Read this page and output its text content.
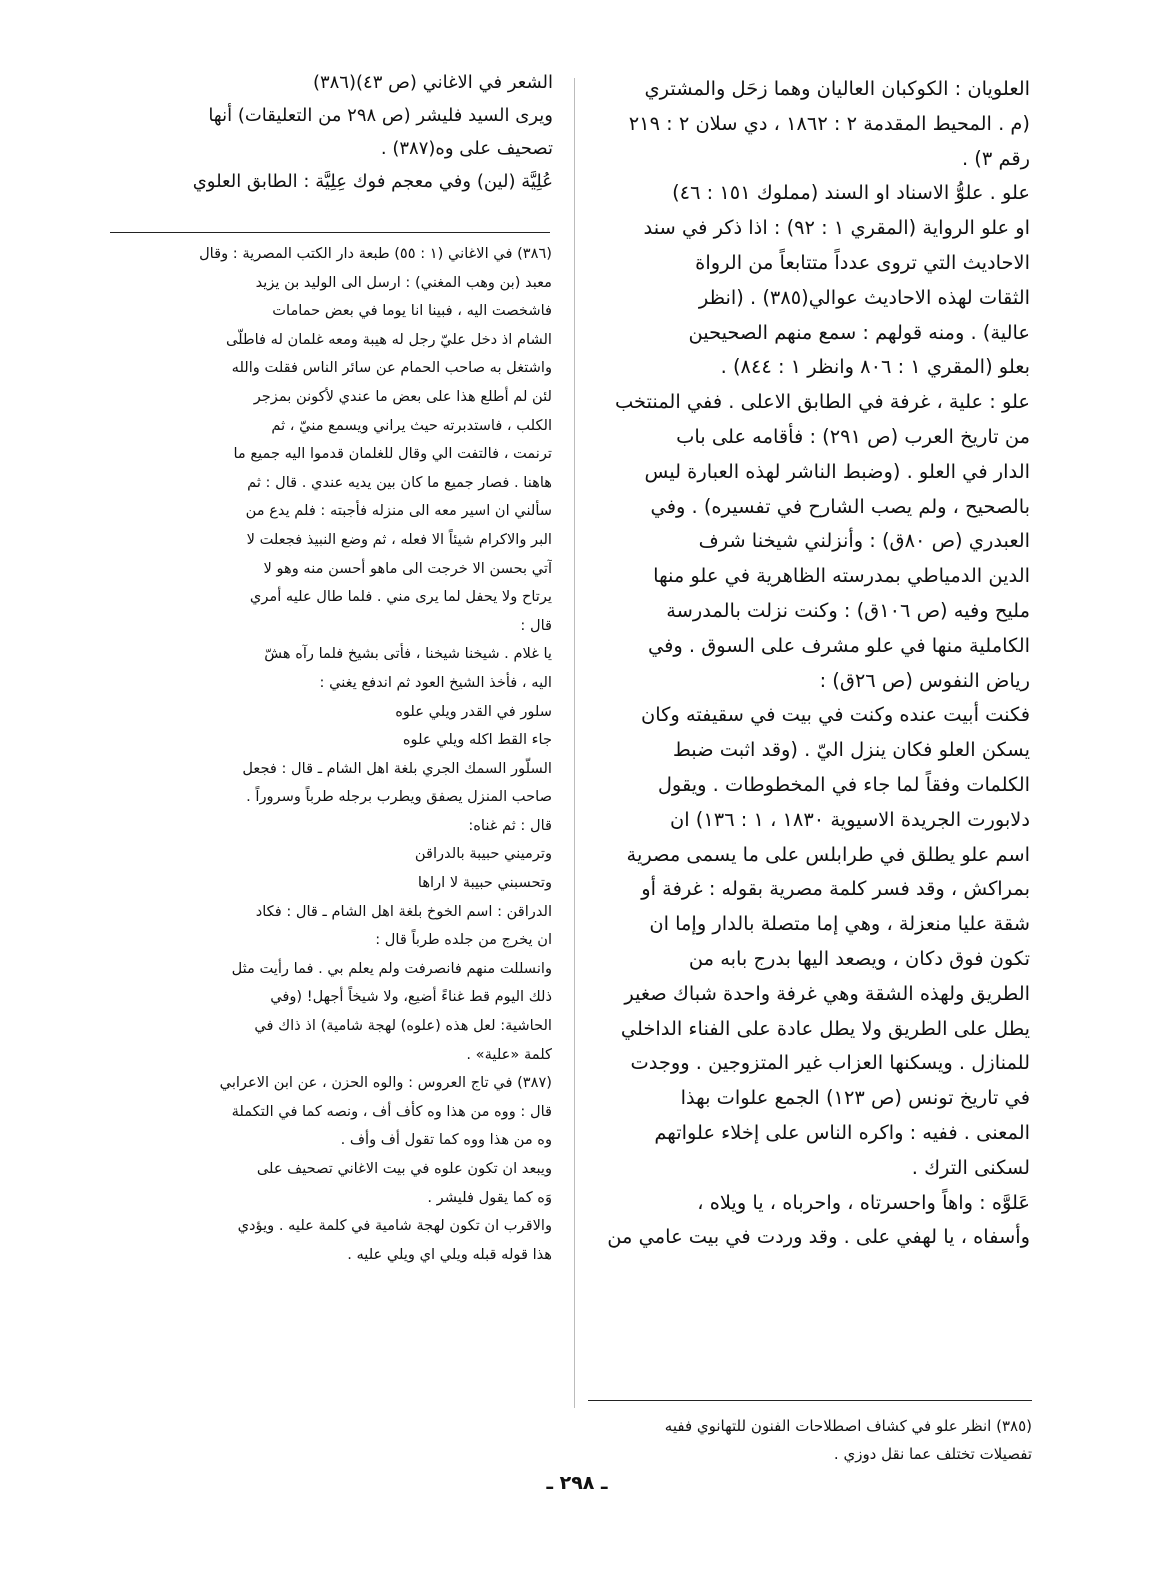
العلويان : الكوكبان العاليان وهما زحَل والمشتري
(م . المحيط المقدمة ٢ : ١٨٦٢ ، دي سلان ٢ : ٢١٩
رقم ٣) .
علو . علوُّ الاسناد او السند (مملوك ١٥١ : ٤٦)
او علو الرواية (المقري ١ : ٩٢) : اذا ذكر في سند
الاحاديث التي تروى عدداً متتابعاً من الرواة
الثقات لهذه الاحاديث عوالي(٣٨٥) . (انظر
عالية) . ومنه قولهم : سمع منهم الصحيحين
بعلو (المقري ١ : ٨٠٦ وانظر ١ : ٨٤٤) .
علو : علية ، غرفة في الطابق الاعلى . ففي المنتخب
من تاريخ العرب (ص ٢٩١) : فأقامه على باب
الدار في العلو . (وضبط الناشر لهذه العبارة ليس
بالصحيح ، ولم يصب الشارح في تفسيره) . وفي
العبدري (ص ٨٠ق) : وأنزلني شيخنا شرف
الدين الدمياطي بمدرسته الظاهرية في علو منها
مليح وفيه (ص ١٠٦ق) : وكنت نزلت بالمدرسة
الكاملية منها في علو مشرف على السوق . وفي
رياض النفوس (ص ٢٦ق) :
فكنت أبيت عنده وكنت في بيت في سقيفته وكان
يسكن العلو فكان ينزل اليّ . (وقد اثبت ضبط
الكلمات وفقاً لما جاء في المخطوطات . ويقول
دلابورت الجريدة الاسيوية ١٨٣٠ ، ١ : ١٣٦) ان
اسم علو يطلق في طرابلس على ما يسمى مصرية
بمراكش ، وقد فسر كلمة مصرية بقوله : غرفة أو
شقة عليا منعزلة ، وهي إما متصلة بالدار وإما ان
تكون فوق دكان ، ويصعد اليها بدرج بابه من
الطريق ولهذه الشقة وهي غرفة واحدة شباك صغير
يطل على الطريق ولا يطل عادة على الفناء الداخلي
للمنازل . ويسكنها العزاب غير المتزوجين . ووجدت
في تاريخ تونس (ص ١٢٣) الجمع علوات بهذا
المعنى . ففيه : واكره الناس على إخلاء علواتهم
لسكنى الترك .
عَلوَّه : واهاً واحسرتاه ، واحرباه ، يا ويلاه ،
وأسفاه ، يا لهفي على . وقد وردت في بيت عامي من
الشعر في الاغاني (ص ٤٣)(٣٨٦)
ويرى السيد فليشر (ص ٢٩٨ من التعليقات) أنها
تصحيف على وه(٣٨٧) .
عُلِيَّة (لين) وفي معجم فوك عِلِيَّة : الطابق العلوي
(٣٨٦) في الاغاني (١ : ٥٥) طبعة دار الكتب المصرية : وقال
معبد (بن وهب المغني) : ارسل الى الوليد بن يزيد
فاشخصت اليه ، فبينا انا يوما في بعض حمامات
الشام اذ دخل عليّ رجل له هيبة ومعه غلمان له فاطلّى
واشتغل به صاحب الحمام عن سائر الناس فقلت والله
لئن لم أطلع هذا على بعض ما عندي لأكونن بمزجر
الكلب ، فاستدبرته حيث يراني ويسمع منيّ ، ثم
ترنمت ، فالتفت الي وقال للغلمان قدموا اليه جميع ما
هاهنا . فصار جميع ما كان بين يديه عندي . قال : ثم
سألني ان اسير معه الى منزله فأجبته : فلم يدع من
البر والاكرام شيئاً الا فعله ، ثم وضع النبيذ فجعلت لا
آتي بحسن الا خرجت الى ماهو أحسن منه وهو لا
يرتاح ولا يحفل لما يرى مني . فلما طال عليه أمري
قال :
يا غلام . شيخنا شيخنا ، فأتى بشيخ فلما رآه هشّ
اليه ، فأخذ الشيخ العود ثم اندفع يغني :
سلور في القدر ويلي علوه
جاء القط اكله ويلي علوه
السلّور السمك الجري بلغة اهل الشام ـ قال : فجعل
صاحب المنزل يصفق ويطرب برجله طرباً وسروراً .
قال : ثم غناه:
وترميني حبيبة بالدراقن
وتحسبني حبيبة لا اراها
الدراقن : اسم الخوخ بلغة اهل الشام ـ قال : فكاد
ان يخرج من جلده طرباً قال :
وانسللت منهم فانصرفت ولم يعلم بي . فما رأيت مثل
ذلك اليوم قط غناءً أضيع، ولا شيخاً أجهل! (وفي
الحاشية: لعل هذه (علوه) لهجة شامية) اذ ذاك في
كلمة «علية» .
(٣٨٧) في تاج العروس : والوه الحزن ، عن ابن الاعرابي
قال : ووه من هذا وه كأف أف ، ونصه كما في التكملة
وه من هذا ووه كما تقول أف وأف .
ويبعد ان تكون علوه في بيت الاغاني تصحيف على
وَه كما يقول فليشر .
والاقرب ان تكون لهجة شامية في كلمة عليه . ويؤدي
هذا قوله قبله ويلي اي ويلي عليه .
(٣٨٥) انظر علو في كشاف اصطلاحات الفنون للتهانوي ففيه
تفصيلات تختلف عما نقل دوزي .
ـ ٢٩٨ ـ
